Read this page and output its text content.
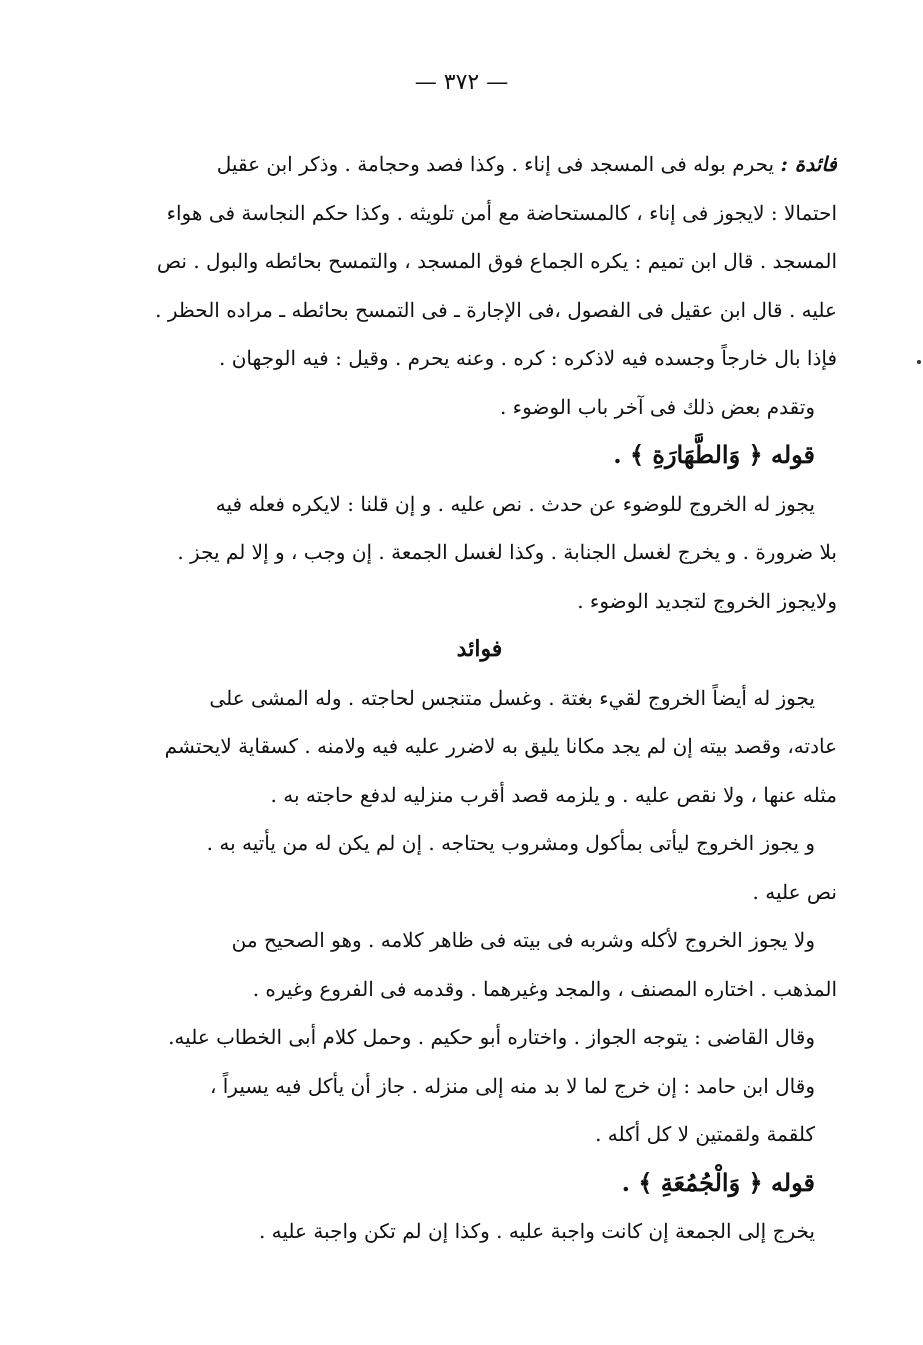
— ٣٧٢ —
فائدة : يحرم بوله فى المسجد فى إناء . وكذا فصد وحجامة . وذكر ابن عقيل
احتمالا : لايجوز فى إناء ، كالمستحاضة مع أمن تلويثه . وكذا حكم النجاسة فى هواء
المسجد . قال ابن تميم : يكره الجماع فوق المسجد ، والتمسح بحائطه والبول . نص
عليه . قال ابن عقيل فى الفصول ،فى الإجارة ـ فى التمسح بحائطه ـ مراده الحظر .
فإذا بال خارجاً وجسده فيه لاذكره : كره . وعنه يحرم . وقيل : فيه الوجهان .
وتقدم بعض ذلك فى آخر باب الوضوء .
قوله ﴿ وَالطَّهَارَةِ ﴾ .
يجوز له الخروج للوضوء عن حدث . نص عليه . و إن قلنا : لايكره فعله فيه
بلا ضرورة . و يخرج لغسل الجنابة . وكذا لغسل الجمعة . إن وجب ، و إلا لم يجز .
ولايجوز الخروج لتجديد الوضوء .
فوائد
يجوز له أيضاً الخروج لقيء بغتة . وغسل متنجس لحاجته . وله المشى على
عادته، وقصد بيته إن لم يجد مكانا يليق به لاضرر عليه فيه ولامنه . كسقاية لايحتشم
مثله عنها ، ولا نقص عليه . و يلزمه قصد أقرب منزليه لدفع حاجته به .
و يجوز الخروج ليأتى بمأكول ومشروب يحتاجه . إن لم يكن له من يأتيه به .
نص عليه .
ولا يجوز الخروج لأكله وشربه فى بيته فى ظاهر كلامه . وهو الصحيح من
المذهب . اختاره المصنف ، والمجد وغيرهما . وقدمه فى الفروع وغيره .
وقال القاضى : يتوجه الجواز . واختاره أبو حكيم . وحمل كلام أبى الخطاب عليه.
وقال ابن حامد : إن خرج لما لا بد منه إلى منزله . جاز أن يأكل فيه يسيراً ،
كلقمة ولقمتين لا كل أكله .
قوله ﴿ وَالْجُمُعَةِ ﴾ .
يخرج إلى الجمعة إن كانت واجبة عليه . وكذا إن لم تكن واجبة عليه .
